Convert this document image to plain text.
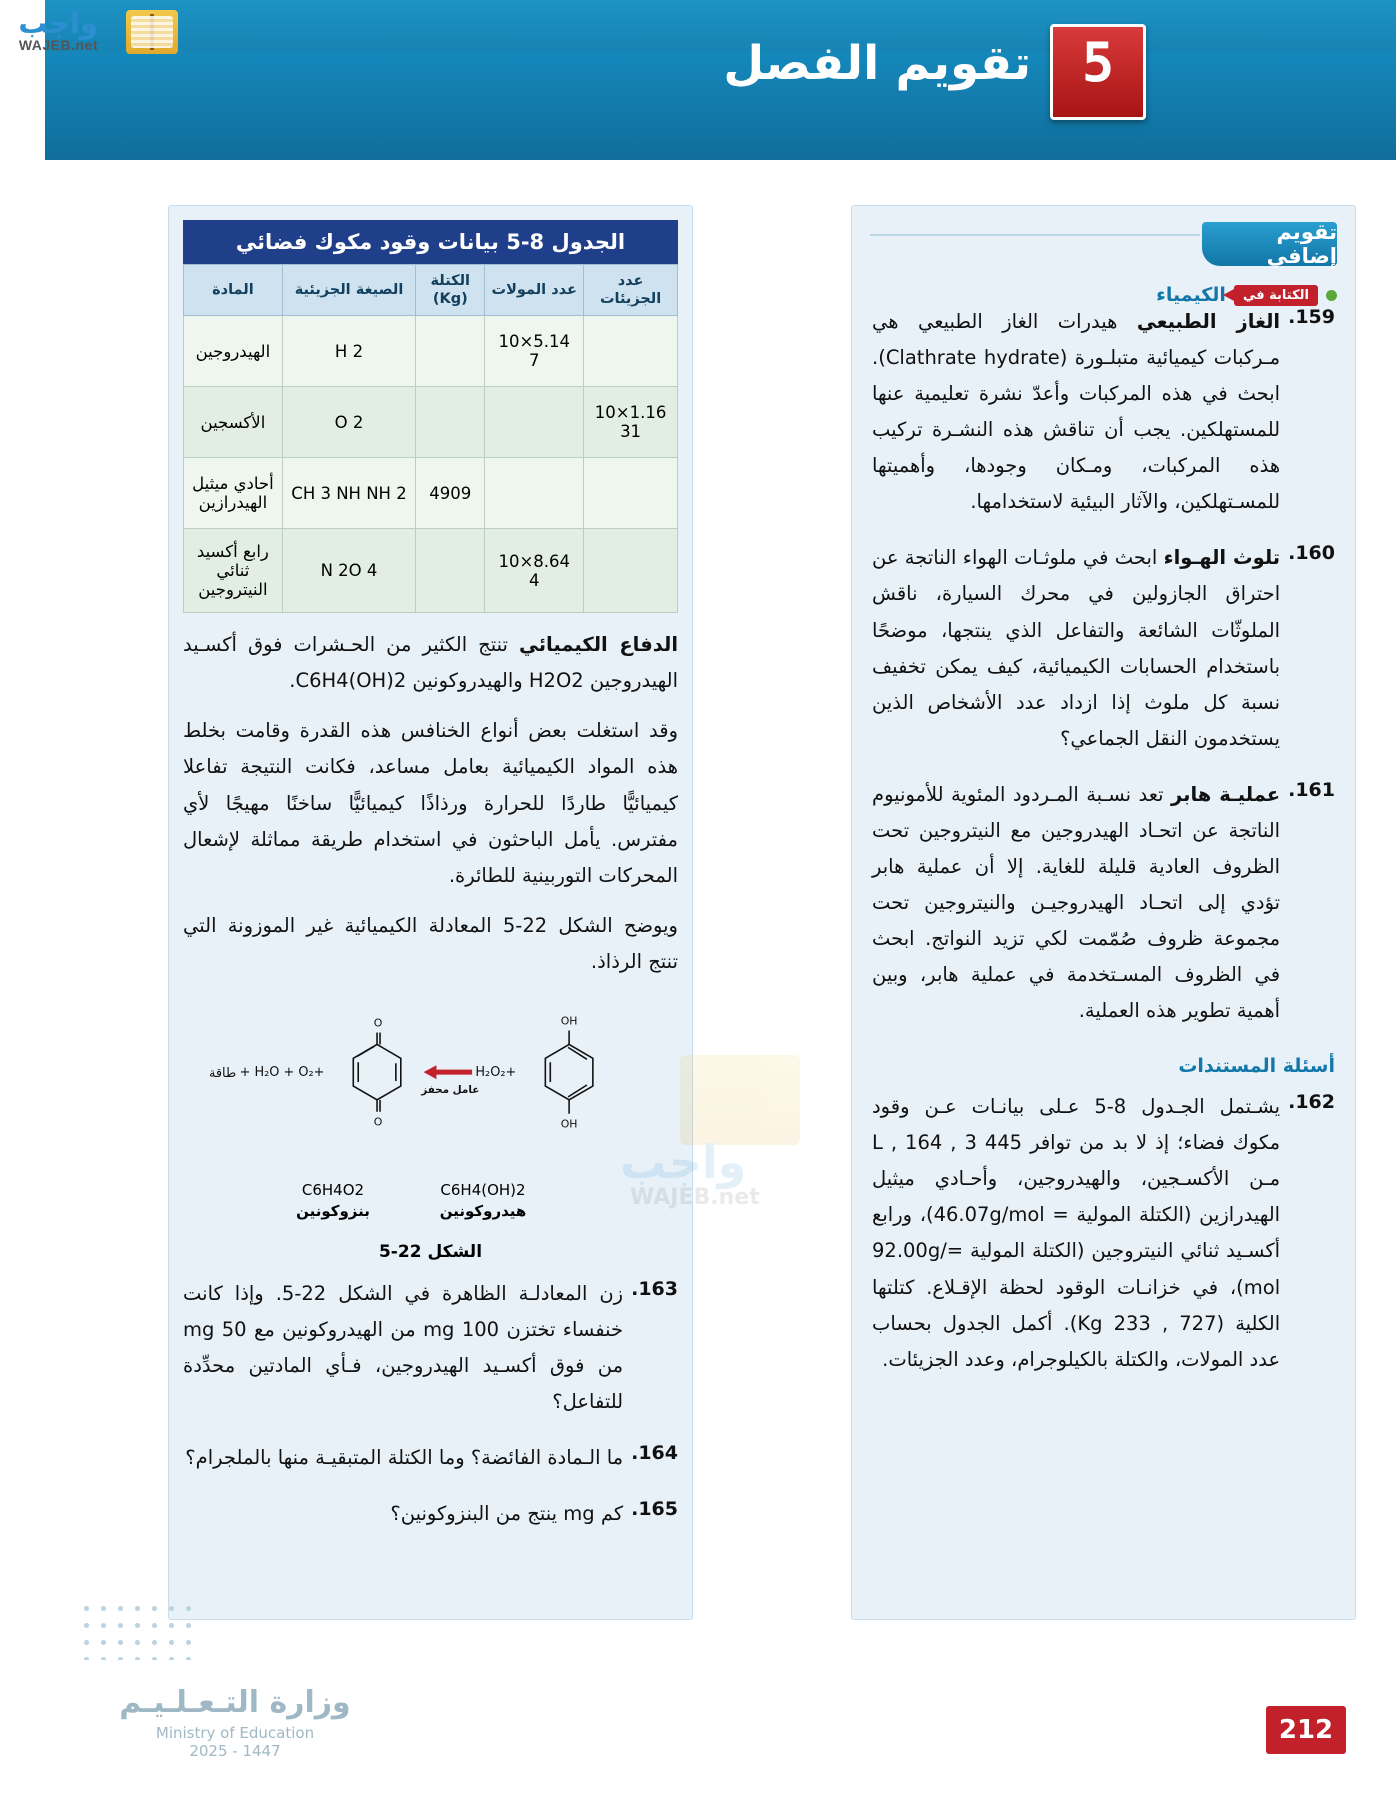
واجب
WAJEB.net	تقويم الفصل 5
تقويم إضافي
الكتابة في
الكيمياء
159.
الغاز الطبيعي هيدرات الغاز الطبيعي هي مـركبات كيميائية متبلـورة (Clathrate hydrate). ابحث في هذه المركبات وأعدّ نشرة تعليمية عنها للمستهلكين. يجب أن تناقش هذه النشـرة تركيب هذه المركبات، ومـكان وجودها، وأهميتها للمسـتهلكين، والآثار البيئية لاستخدامها.
160.
تلوث الهـواء ابحث في ملوثـات الهواء الناتجة عن احتراق الجازولين في محرك السيارة، ناقش الملوثّات الشائعة والتفاعل الذي ينتجها، موضحًا باستخدام الحسابات الكيميائية، كيف يمكن تخفيف نسبة كل ملوث إذا ازداد عدد الأشخاص الذين يستخدمون النقل الجماعي؟
161.
عمليـة هابر تعد نسـبة المـردود المئوية للأمونيوم الناتجة عن اتحـاد الهيدروجين مع النيتروجين تحت الظروف العادية قليلة للغاية. إلا أن عملية هابر تؤدي إلى اتحـاد الهيدروجيـن والنيتروجين تحت مجموعة ظروف صُمّمت لكي تزيد النواتج. ابحث في الظروف المسـتخدمة في عملية هابر، وبين أهمية تطوير هذه العملية.
أسئلة المستندات
162.
يشـتمل الجـدول 8-5 عـلى بيانـات عـن وقود مكوك فضاء؛ إذ لا بد من توافر 445 L , 164 , 3 مـن الأكسـجين، والهيدروجين، وأحـادي ميثيل الهيدرازين (الكتلة المولية = 46.07g/mol)، ورابع أكسـيد ثنائي النيتروجين (الكتلة المولية =92.00g/ mol)، في خزانـات الوقود لحظة الإقـلاع. كتلتها الكلية (727 , 233 Kg). أكمل الجدول بحساب عدد المولات، والكتلة بالكيلوجرام، وعدد الجزيئات.
الجدول 8-5 بيانات وقود مكوك فضائي
عدد الجزيئات	عدد المولات	الكتلة (Kg)	الصيغة الجزيئية	المادة
	5.14×10 7		H 2	الهيدروجين
1.16×10 31			O 2	الأكسجين
		4909	CH 3 NH NH 2	أحادي ميثيل الهيدرازين
	8.64×10 4		N 2O 4	رابع أكسيد ثنائي النيتروجين
الدفاع الكيميائي تنتج الكثير من الحـشرات فوق أكسـيد الهيدروجين H2O2 والهيدروكونين C6H4(OH)2.
وقد استغلت بعض أنواع الخنافس هذه القدرة وقامت بخلط هذه المواد الكيميائية بعامل مساعد، فكانت النتيجة تفاعلا كيميائيًّا طاردًا للحرارة ورذاذًا كيميائيًّا ساخنًا مهيجًا لأي مفترس. يأمل الباحثون في استخدام طريقة مماثلة لإشعال المحركات التوربينية للطائرة.
ويوضح الشكل 22-5 المعادلة الكيميائية غير الموزونة التي تنتج الرذاذ.
OH
OH
+H₂O₂
عامل محفز
O
O
+H₂O + O₂ +
طاقة
C6H4(OH)2
هيدروكونين
C6H4O2
بنزوكونين
الشكل 22-5
163.
زن المعادلـة الظاهرة في الشكل 22-5. وإذا كانت خنفساء تختزن 100 mg من الهيدروكونين مع 50 mg من فوق أكسـيد الهيدروجين، فـأي المادتين محدِّدة للتفاعل؟
164.
ما الـمادة الفائضة؟ وما الكتلة المتبقيـة منها بالملجرام؟
165.
كم mg ينتج من البنزوكونين؟
WAJEB.net
وزارة التـعـلـيـم
Ministry of Education
2025 - 1447
212
